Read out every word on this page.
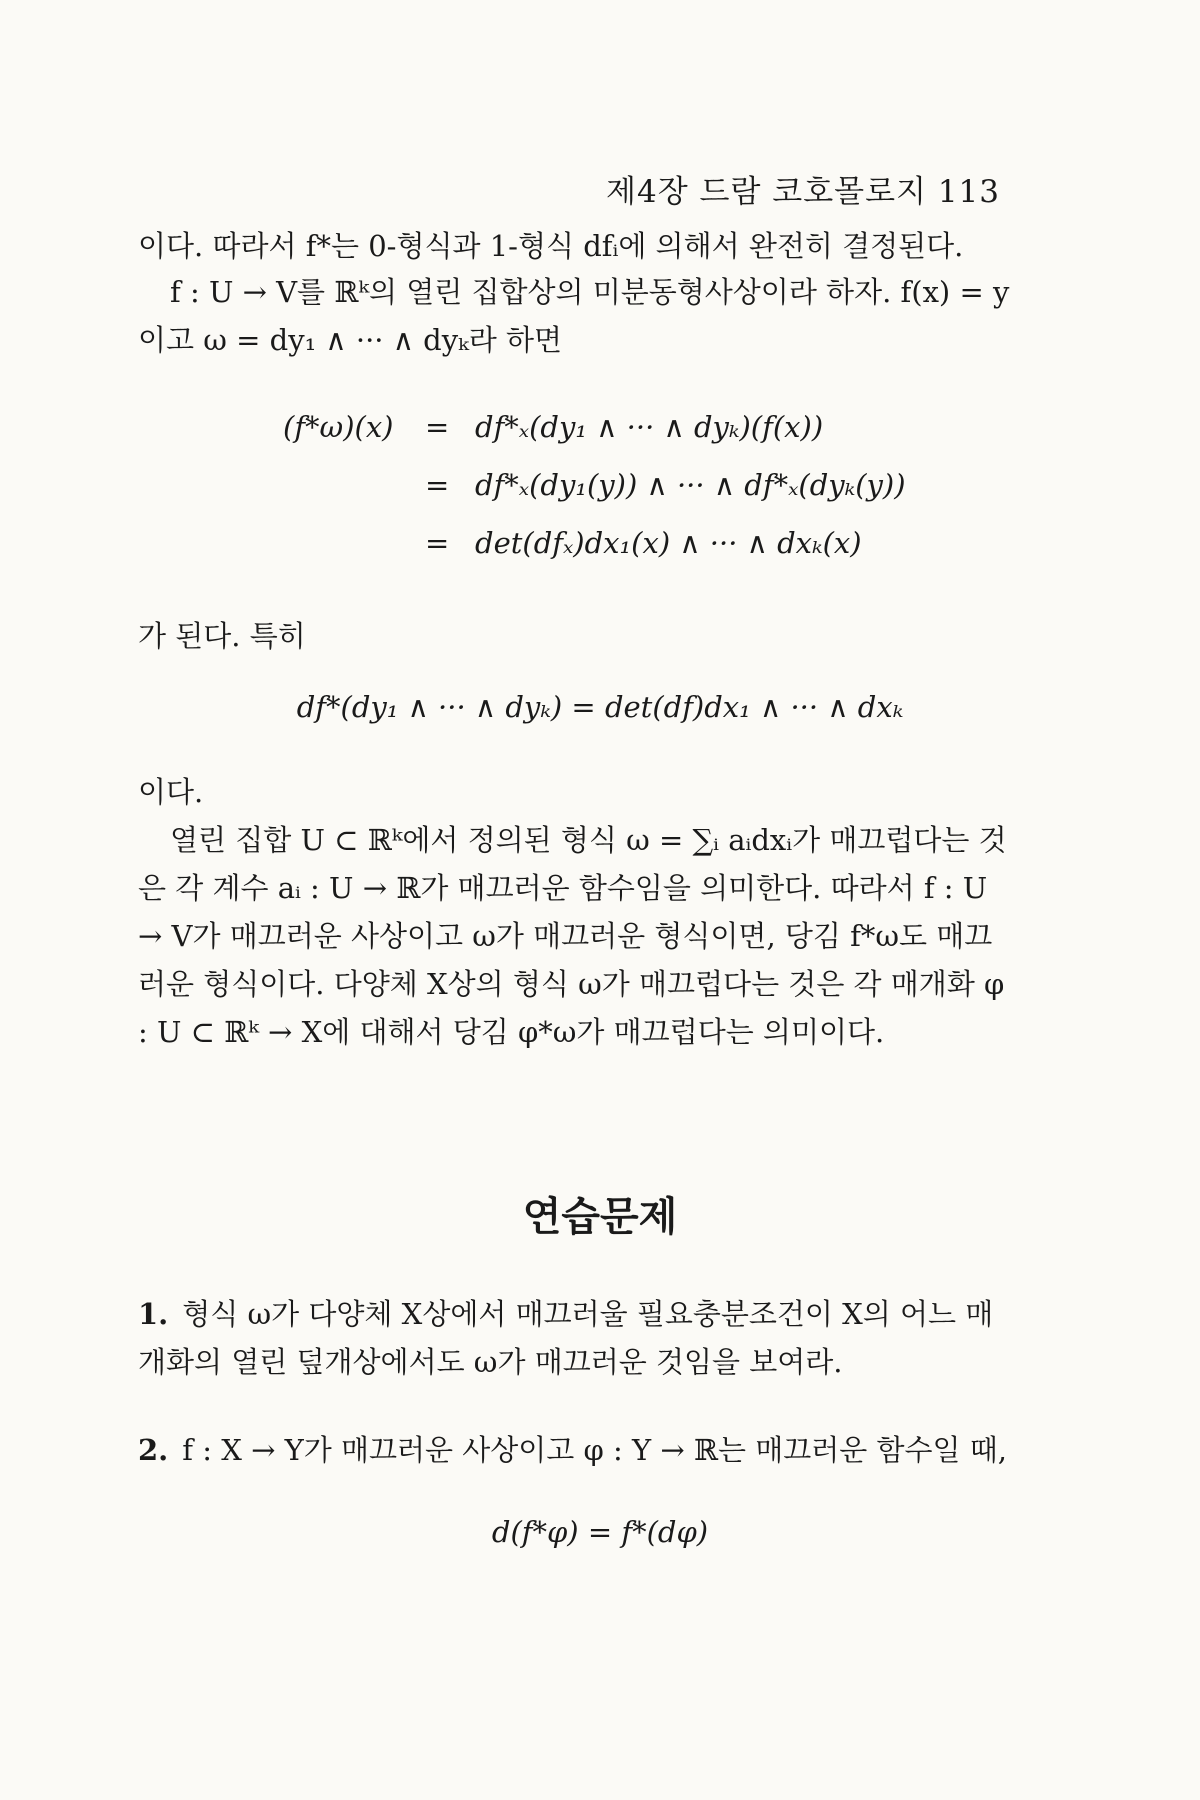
제4장 드람 코호몰로지 113

이다. 따라서 f*는 0-형식과 1-형식 dfᵢ에 의해서 완전히 결정된다.

f : U → V를 ℝᵏ의 열린 집합상의 미분동형사상이라 하자. f(x) = y이고 ω = dy₁ ∧ ··· ∧ dyₖ라 하면

(f*ω)(x) = df*ₓ(dy₁ ∧ ··· ∧ dyₖ)(f(x))
= df*ₓ(dy₁(y)) ∧ ··· ∧ df*ₓ(dyₖ(y))
= det(dfₓ)dx₁(x) ∧ ··· ∧ dxₖ(x)

가 된다. 특히

df*(dy₁ ∧ ··· ∧ dyₖ) = det(df)dx₁ ∧ ··· ∧ dxₖ

이다.

열린 집합 U ⊂ ℝᵏ에서 정의된 형식 ω = ∑ᵢ aᵢdxᵢ가 매끄럽다는 것은 각 계수 aᵢ : U → ℝ가 매끄러운 함수임을 의미한다. 따라서 f : U → V가 매끄러운 사상이고 ω가 매끄러운 형식이면, 당김 f*ω도 매끄러운 형식이다. 다양체 X상의 형식 ω가 매끄럽다는 것은 각 매개화 φ : U ⊂ ℝᵏ → X에 대해서 당김 φ*ω가 매끄럽다는 의미이다.

연습문제

1. 형식 ω가 다양체 X상에서 매끄러울 필요충분조건이 X의 어느 매개화의 열린 덮개상에서도 ω가 매끄러운 것임을 보여라.

2. f : X → Y가 매끄러운 사상이고 φ : Y → ℝ는 매끄러운 함수일 때,

d(f*φ) = f*(dφ)
